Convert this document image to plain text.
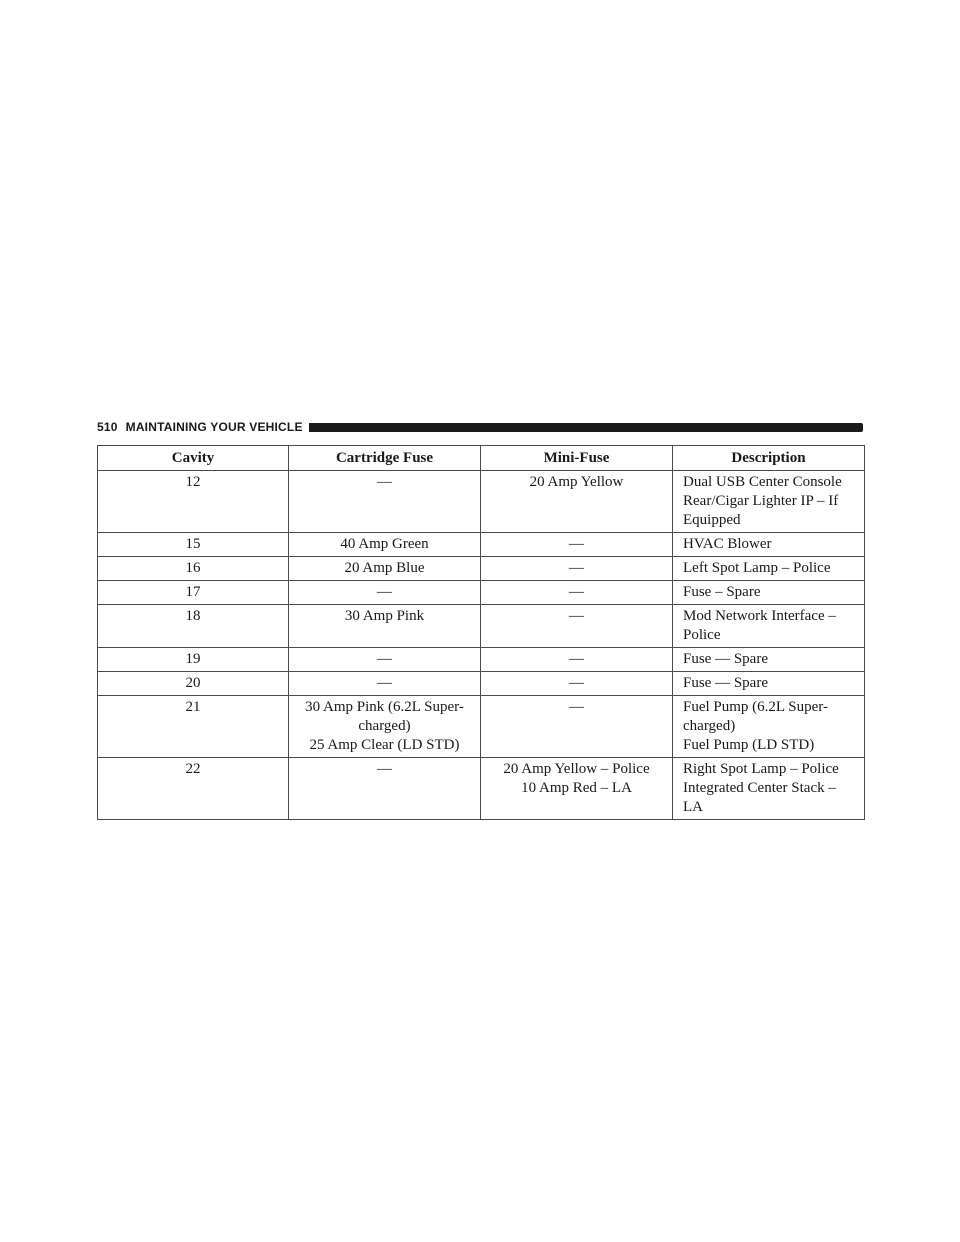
510 MAINTAINING YOUR VEHICLE
Cavity	Cartridge Fuse	Mini-Fuse	Description
12	—	20 Amp Yellow	Dual USB Center Console
Rear/Cigar Lighter IP – If
Equipped

15	40 Amp Green	—	HVAC Blower

16	20 Amp Blue	—	Left Spot Lamp – Police

17	—	—	Fuse – Spare

18	30 Amp Pink	—	Mod Network Interface –
Police

19	—	—	Fuse — Spare

20	—	—	Fuse — Spare

21	30 Amp Pink (6.2L Super-
charged)
25 Amp Clear (LD STD)	—	Fuel Pump (6.2L Super-
charged)
Fuel Pump (LD STD)

22	—	20 Amp Yellow – Police
10 Amp Red – LA	Right Spot Lamp – Police
Integrated Center Stack –
LA
